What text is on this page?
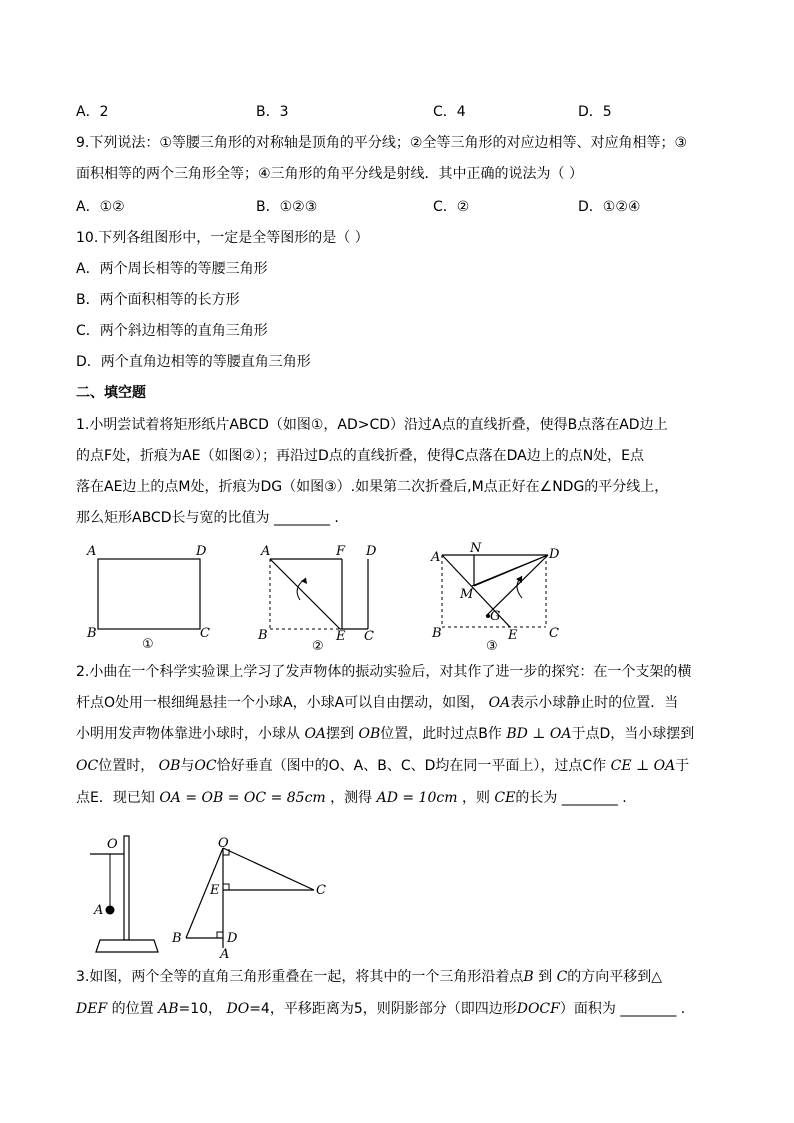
A．2	B．3	C．4	D．5
9.下列说法：①等腰三角形的对称轴是顶角的平分线；②全等三角形的对应边相等、对应角相等；③
面积相等的两个三角形全等；④三角形的角平分线是射线．其中正确的说法为（ ）
A．①②	B．①②③	C．②	D．①②④
10.下列各组图形中，一定是全等图形的是（ ）
A．两个周长相等的等腰三角形
B．两个面积相等的长方形
C．两个斜边相等的直角三角形
D．两个直角边相等的等腰直角三角形
二、填空题
1.小明尝试着将矩形纸片ABCD（如图①，AD>CD）沿过A点的直线折叠，使得B点落在AD边上
的点F处，折痕为AE（如图②）；再沿过D点的直线折叠，使得C点落在DA边上的点N处，E点
落在AE边上的点M处，折痕为DG（如图③）.如果第二次折叠后,M点正好在∠NDG的平分线上，
那么矩形ABCD长与宽的比值为 ________ .
A	D
B	C
①
A	F D
B	E C
②
A
N	D
M
G
B	E C
③
2.小曲在一个科学实验课上学习了发声物体的振动实验后，对其作了进一步的探究：在一个支架的横
杆点O处用一根细绳悬挂一个小球A，小球A可以自由摆动，如图， OA表示小球静止时的位置．当
小明用发声物体靠进小球时，小球从 OA摆到 OB位置，此时过点B作 BD ⊥ OA于点D，当小球摆到
OC位置时， OB与OC恰好垂直（图中的O、A、B、C、D均在同一平面上），过点C作 CE ⊥ OA于
点E．现已知 OA = OB = OC = 85cm ，测得 AD = 10cm ，则 CE的长为 ________ .
O
A
O
E	C
B	D
A
3.如图，两个全等的直角三角形重叠在一起，将其中的一个三角形沿着点B 到 C的方向平移到△
DEF 的位置 AB=10， DO=4，平移距离为5，则阴影部分（即四边形DOCF）面积为 ________ .
